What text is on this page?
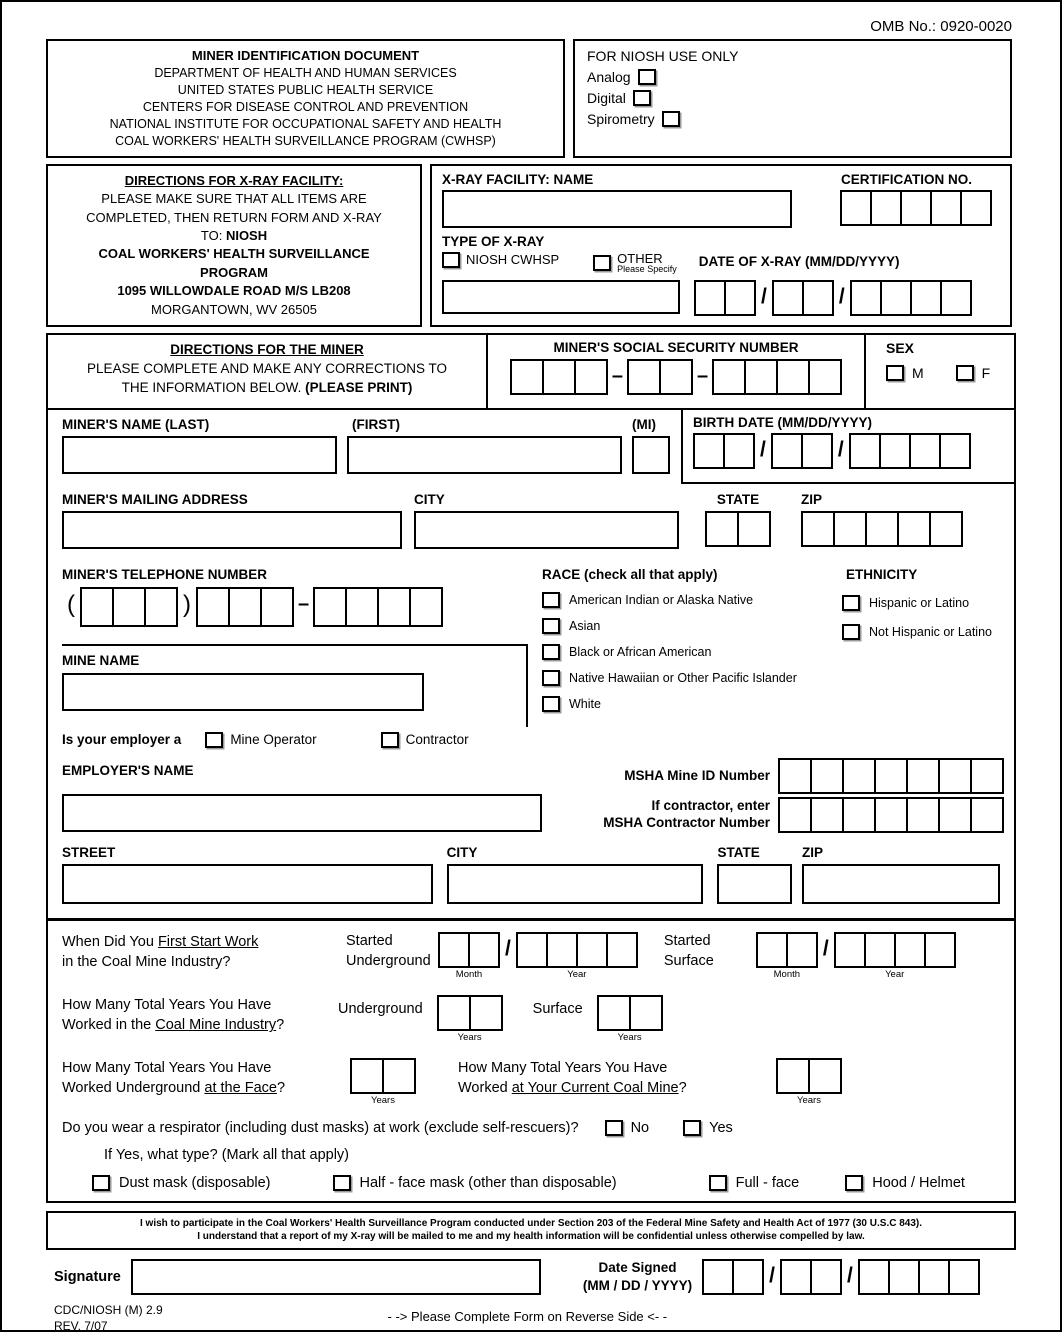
OMB No.: 0920-0020
MINER IDENTIFICATION DOCUMENT
DEPARTMENT OF HEALTH AND HUMAN SERVICES
UNITED STATES PUBLIC HEALTH SERVICE
CENTERS FOR DISEASE CONTROL AND PREVENTION
NATIONAL INSTITUTE FOR OCCUPATIONAL SAFETY AND HEALTH
COAL WORKERS' HEALTH SURVEILLANCE PROGRAM (CWHSP)
FOR NIOSH USE ONLY
Analog
Digital
Spirometry
DIRECTIONS FOR X-RAY FACILITY:
PLEASE MAKE SURE THAT ALL ITEMS ARE
COMPLETED, THEN RETURN FORM AND X-RAY
TO: NIOSH
COAL WORKERS' HEALTH SURVEILLANCE
PROGRAM
1095 WILLOWDALE ROAD M/S LB208
MORGANTOWN, WV 26505
X-RAY FACILITY: NAME	CERTIFICATION NO.
TYPE OF X-RAY
NIOSH CWHSP	OTHER
Please Specify
DATE OF X-RAY (MM/DD/YYYY)
/	/
DIRECTIONS FOR THE MINER
PLEASE COMPLETE AND MAKE ANY CORRECTIONS TO
THE INFORMATION BELOW. (PLEASE PRINT)
MINER'S SOCIAL SECURITY NUMBER
–	–
SEX
M	F
MINER'S NAME (LAST)	(FIRST)	(MI)	BIRTH DATE (MM/DD/YYYY)
/	/
MINER'S MAILING ADDRESS	CITY	STATE	ZIP
MINER'S TELEPHONE NUMBER
(	)	–
MINE NAME
RACE (check all that apply)
American Indian or Alaska Native
Asian
Black or African American
Native Hawaiian or Other Pacific Islander
White
ETHNICITY
Hispanic or Latino
Not Hispanic or Latino
Is your employer a	Mine Operator	Contractor
EMPLOYER'S NAME	MSHA Mine ID Number
If contractor, enter
MSHA Contractor Number
STREET	CITY	STATE	ZIP
When Did You First Start Work
in the Coal Mine Industry?
Started
Underground
Month
/
Year
Started
Surface
Month
/
Year
How Many Total Years You Have
Worked in the Coal Mine Industry?
Underground
Years
Surface
Years
How Many Total Years You Have
Worked Underground at the Face?
Years
How Many Total Years You Have
Worked at Your Current Coal Mine?
Years
Do you wear a respirator (including dust masks) at work (exclude self-rescuers)?	No	Yes
If Yes, what type? (Mark all that apply)
Dust mask (disposable)	Half - face mask (other than disposable)	Full - face	Hood / Helmet
I wish to participate in the Coal Workers' Health Surveillance Program conducted under Section 203 of the Federal Mine Safety and Health Act of 1977 (30 U.S.C 843).
I understand that a report of my X-ray will be mailed to me and my health information will be confidential unless otherwise compelled by law.
Signature
Date Signed
(MM / DD / YYYY)	/	/
CDC/NIOSH (M) 2.9
REV. 7/07
- -> Please Complete Form on Reverse Side <- -
